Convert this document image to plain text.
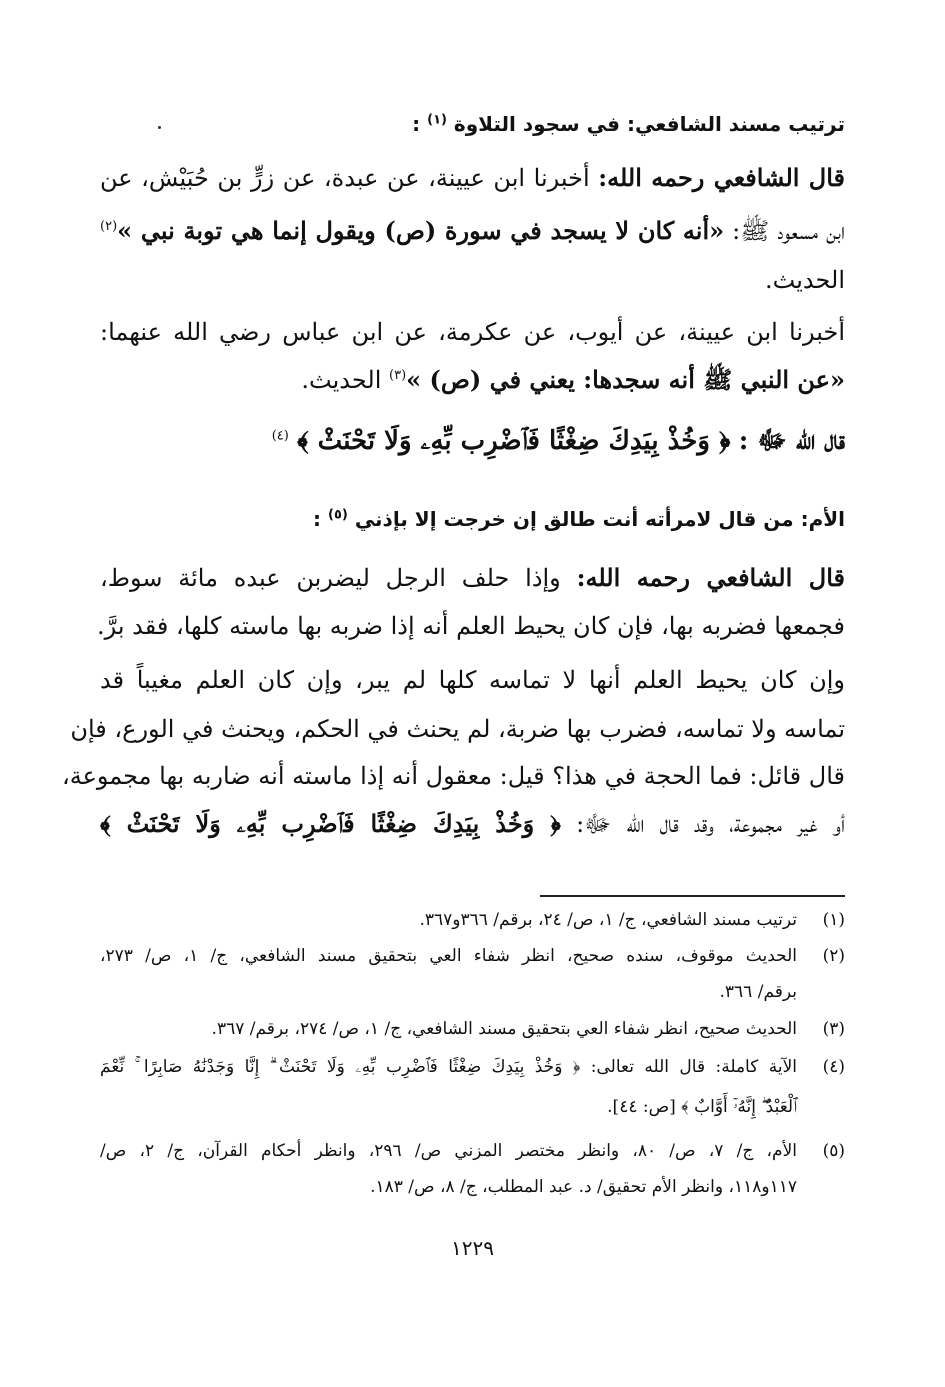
ترتيب مسند الشافعي: في سجود التلاوة $^{(١)}$ :
قال الشافعي رحمه الله: أخبرنا ابن عيينة، عن عبدة، عن زرٍّ بن حُبَيْش، عن
ابن مسعود ﷺ: «أنه كان لا يسجد في سورة (ص) ويقول إنما هي توبة نبي »$^{(٢)}$
الحديث.
أخبرنا ابن عيينة، عن أيوب، عن عكرمة، عن ابن عباس رضي الله عنهما:
«عن النبي ﷺ أنه سجدها: يعني في (ص) »$^{(٣)}$ الحديث.
قال الله ﷻ : ﴿ وَخُذْ بِيَدِكَ ضِغْثًا فَٱضْرِب بِّهِۦ وَلَا تَحْنَثْ ﴾ $^{(٤)}$
الأم: من قال لامرأته أنت طالق إن خرجت إلا بإذني $^{(٥)}$ :
قال الشافعي رحمه الله: وإذا حلف الرجل ليضربن عبده مائة سوط،
فجمعها فضربه بها، فإن كان يحيط العلم أنه إذا ضربه بها ماسته كلها، فقد برَّ.
وإن كان يحيط العلم أنها لا تماسه كلها لم يبر، وإن كان العلم مغيباً قد
تماسه ولا تماسه، فضرب بها ضربة، لم يحنث في الحكم، ويحنث في الورع، فإن
قال قائل: فما الحجة في هذا؟ قيل: معقول أنه إذا ماسته أنه ضاربه بها مجموعة،
أو غير مجموعة، وقد قال الله ﷻ: ﴿ وَخُذْ بِيَدِكَ ضِغْثًا فَٱضْرِب بِّهِۦ وَلَا تَحْنَثْ ﴾
(١)ترتيب مسند الشافعي، ج/ ١، ص/ ٢٤، برقم/ ٣٦٦و٣٦٧.
(٢)الحديث موقوف، سنده صحيح، انظر شفاء العي بتحقيق مسند الشافعي، ج/ ١، ص/ ٢٧٣،
برقم/ ٣٦٦.
(٣)الحديث صحيح، انظر شفاء العي بتحقيق مسند الشافعي، ج/ ١، ص/ ٢٧٤، برقم/ ٣٦٧.
(٤)الآية كاملة: قال الله تعالى: ﴿ وَخُذْ بِيَدِكَ ضِغْثًا فَٱضْرِب بِّهِۦ وَلَا تَحْنَثْ ۗ إِنَّا وَجَدْنَٰهُ صَابِرًا ۚ نِّعْمَ
ٱلْعَبْدُ ۖ إِنَّهُۥٓ أَوَّابٌ ﴾ [ص: ٤٤].
(٥)الأم، ج/ ٧، ص/ ٨٠، وانظر مختصر المزني ص/ ٢٩٦، وانظر أحكام القرآن، ج/ ٢، ص/
١١٧و١١٨، وانظر الأم تحقيق/ د. عبد المطلب، ج/ ٨، ص/ ١٨٣.
١٢٢٩
